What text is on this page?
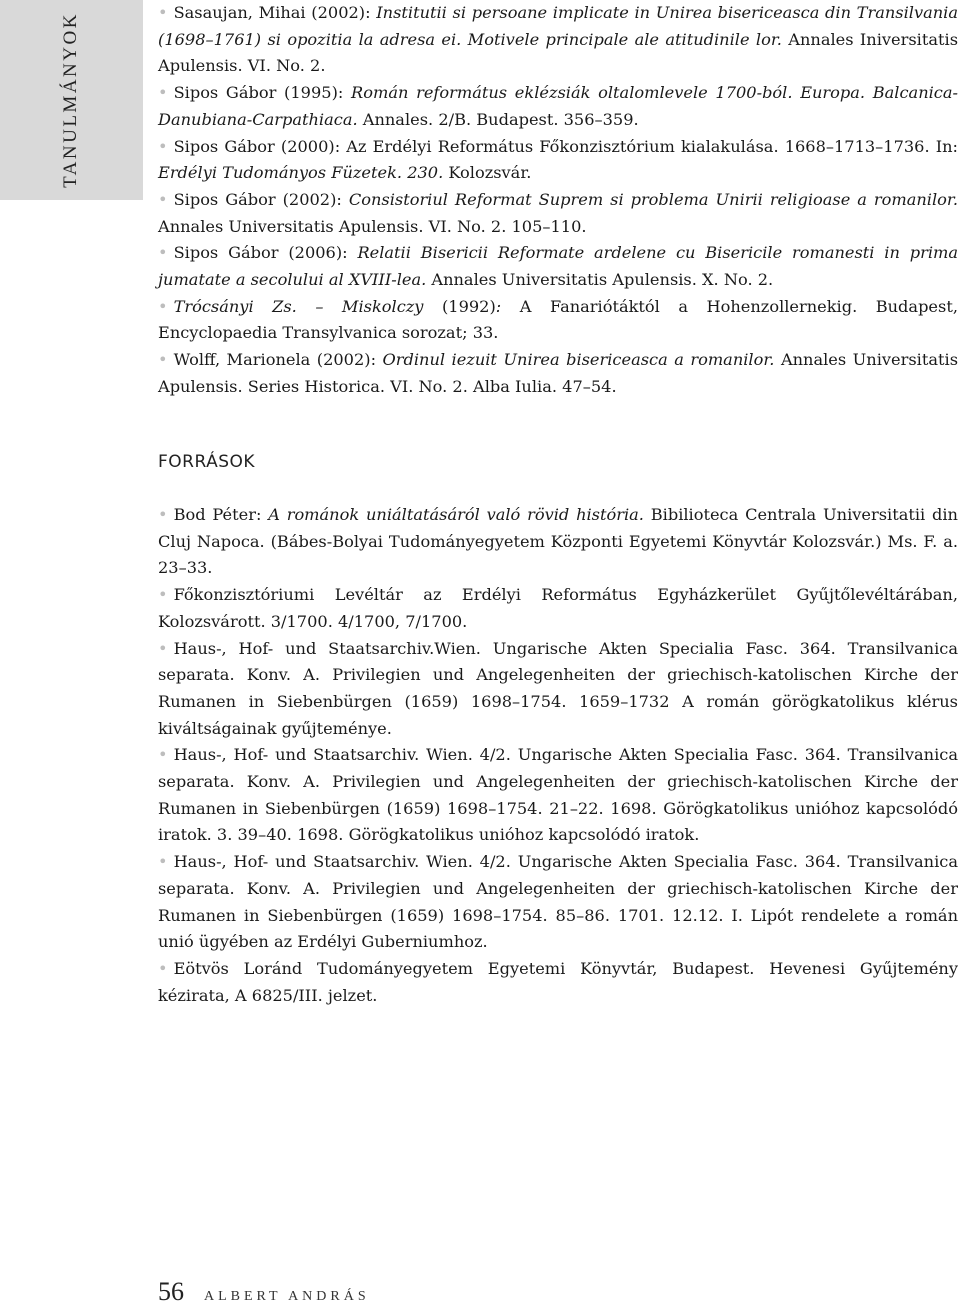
TANULMÁNYOK	• Sasaujan, Mihai (2002): Institutii si persoane implicate in Unirea bisericeasca din Transilvania (1698–1761) si opozitia la adresa ei. Motivele principale ale atitudinile lor. Annales Iniversitatis Apulensis. VI. No. 2.

• Sipos Gábor (1995): Román református eklézsiák oltalomlevele 1700-ból. Europa. Balcanica-Danubiana-Carpathiaca. Annales. 2/B. Budapest. 356–359.

• Sipos Gábor (2000): Az Erdélyi Református Főkonzisztórium kialakulása. 1668–1713–1736. In: Erdélyi Tudományos Füzetek. 230. Kolozsvár.

• Sipos Gábor (2002): Consistoriul Reformat Suprem si problema Unirii religioase a romanilor. Annales Universitatis Apulensis. VI. No. 2. 105–110.

• Sipos Gábor (2006): Relatii Bisericii Reformate ardelene cu Bisericile romanesti in prima jumatate a secolului al XVIII-lea. Annales Universitatis Apulensis. X. No. 2.

• Trócsányi Zs. – Miskolczy (1992): A Fanariótáktól a Hohenzollernekig. Budapest, Encyclopaedia Transylvanica sorozat; 33.

• Wolff, Marionela (2002): Ordinul iezuit Unirea bisericeasca a romanilor. Annales Universitatis Apulensis. Series Historica. VI. No. 2. Alba Iulia. 47–54.

FORRÁSOK

• Bod Péter: A románok uniáltatásáról való rövid história. Bibilioteca Centrala Universitatii din Cluj Napoca. (Bábes-Bolyai Tudományegyetem Központi Egyetemi Könyvtár Kolozsvár.) Ms. F. a. 23–33.

• Főkonzisztóriumi Levéltár az Erdélyi Református Egyházkerület Gyűjtőlevéltárában, Kolozsvárott. 3/1700. 4/1700, 7/1700.

• Haus-, Hof- und Staatsarchiv.Wien. Ungarische Akten Specialia Fasc. 364. Transilvanica separata. Konv. A. Privilegien und Angelegenheiten der griechisch-katolischen Kirche der Rumanen in Siebenbürgen (1659) 1698–1754. 1659–1732 A román görögkatolikus klérus kiváltságainak gyűjteménye.

• Haus-, Hof- und Staatsarchiv. Wien. 4/2. Ungarische Akten Specialia Fasc. 364. Transilvanica separata. Konv. A. Privilegien und Angelegenheiten der griechisch-katolischen Kirche der Rumanen in Siebenbürgen (1659) 1698–1754. 21–22. 1698. Görögkatolikus unióhoz kapcsolódó iratok. 3. 39–40. 1698. Görögkatolikus unióhoz kapcsolódó iratok.

• Haus-, Hof- und Staatsarchiv. Wien. 4/2. Ungarische Akten Specialia Fasc. 364. Transilvanica separata. Konv. A. Privilegien und Angelegenheiten der griechisch-katolischen Kirche der Rumanen in Siebenbürgen (1659) 1698–1754. 85–86. 1701. 12.12. I. Lipót rendelete a román unió ügyében az Erdélyi Guberniumhoz.

• Eötvös Loránd Tudományegyetem Egyetemi Könyvtár, Budapest. Hevenesi Gyűjtemény kézirata, A 6825/III. jelzet.

56 ALBERT ANDRÁS
